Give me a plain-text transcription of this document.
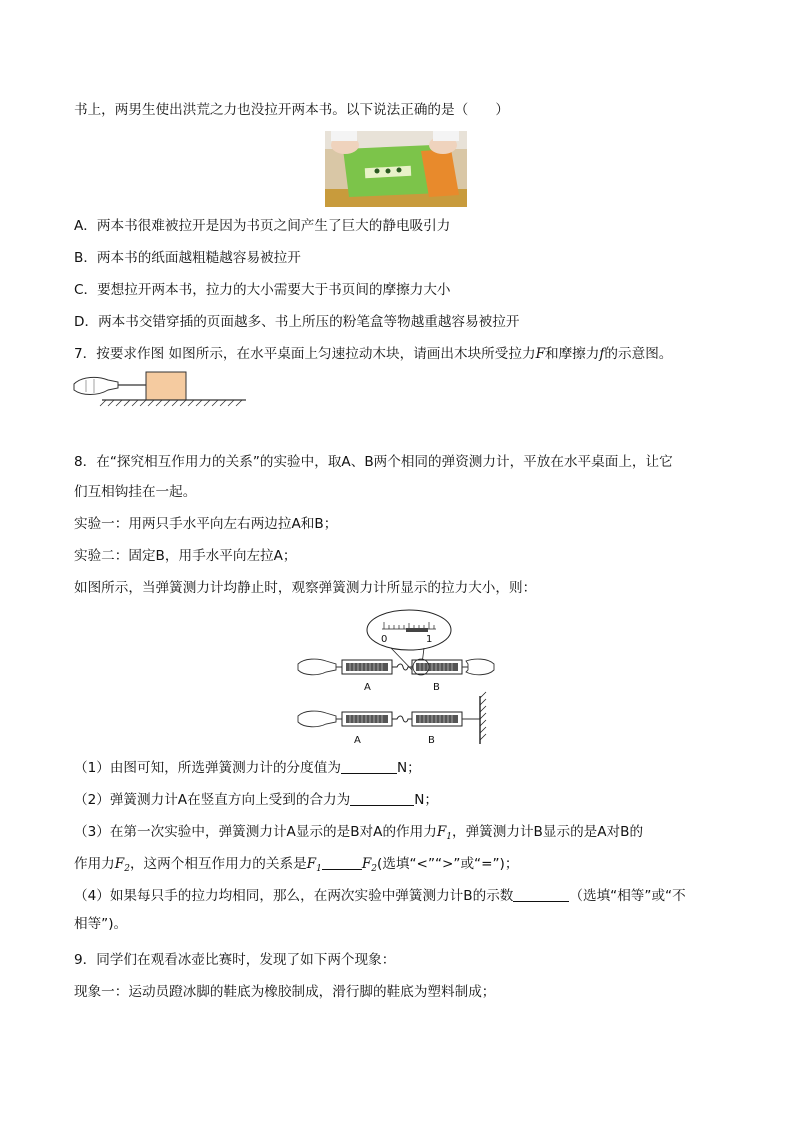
书上，两男生使出洪荒之力也没拉开两本书。以下说法正确的是（　　）
A．两本书很难被拉开是因为书页之间产生了巨大的静电吸引力
B．两本书的纸面越粗糙越容易被拉开
C．要想拉开两本书，拉力的大小需要大于书页间的摩擦力大小
D．两本书交错穿插的页面越多、书上所压的粉笔盒等物越重越容易被拉开
7．按要求作图 如图所示，在水平桌面上匀速拉动木块，请画出木块所受拉力F和摩擦力f的示意图。
8．在“探究相互作用力的关系”的实验中，取A、B两个相同的弹资测力计，平放在水平桌面上，让它
们互相钩挂在一起。
实验一：用两只手水平向左右两边拉A和B；
实验二：固定B，用手水平向左拉A；
如图所示，当弹簧测力计均静止时，观察弹簧测力计所显示的拉力大小，则：
0	1
A	B
A	B
（1）由图可知，所选弹簧测力计的分度值为	N；
（2）弹簧测力计A在竖直方向上受到的合力为	N；
（3）在第一次实验中，弹簧测力计A显示的是B对A的作用力$F_1$，弹簧测力计B显示的是A对B的
作用力$F_2$，这两个相互作用力的关系是$F_1$	$F_2$(选填“<”“>”或“=”)；
（4）如果每只手的拉力均相同，那么，在两次实验中弹簧测力计B的示数	（选填“相等”或“不
相等”)。
9．同学们在观看冰壶比赛时，发现了如下两个现象：
现象一：运动员蹬冰脚的鞋底为橡胶制成，滑行脚的鞋底为塑料制成；
